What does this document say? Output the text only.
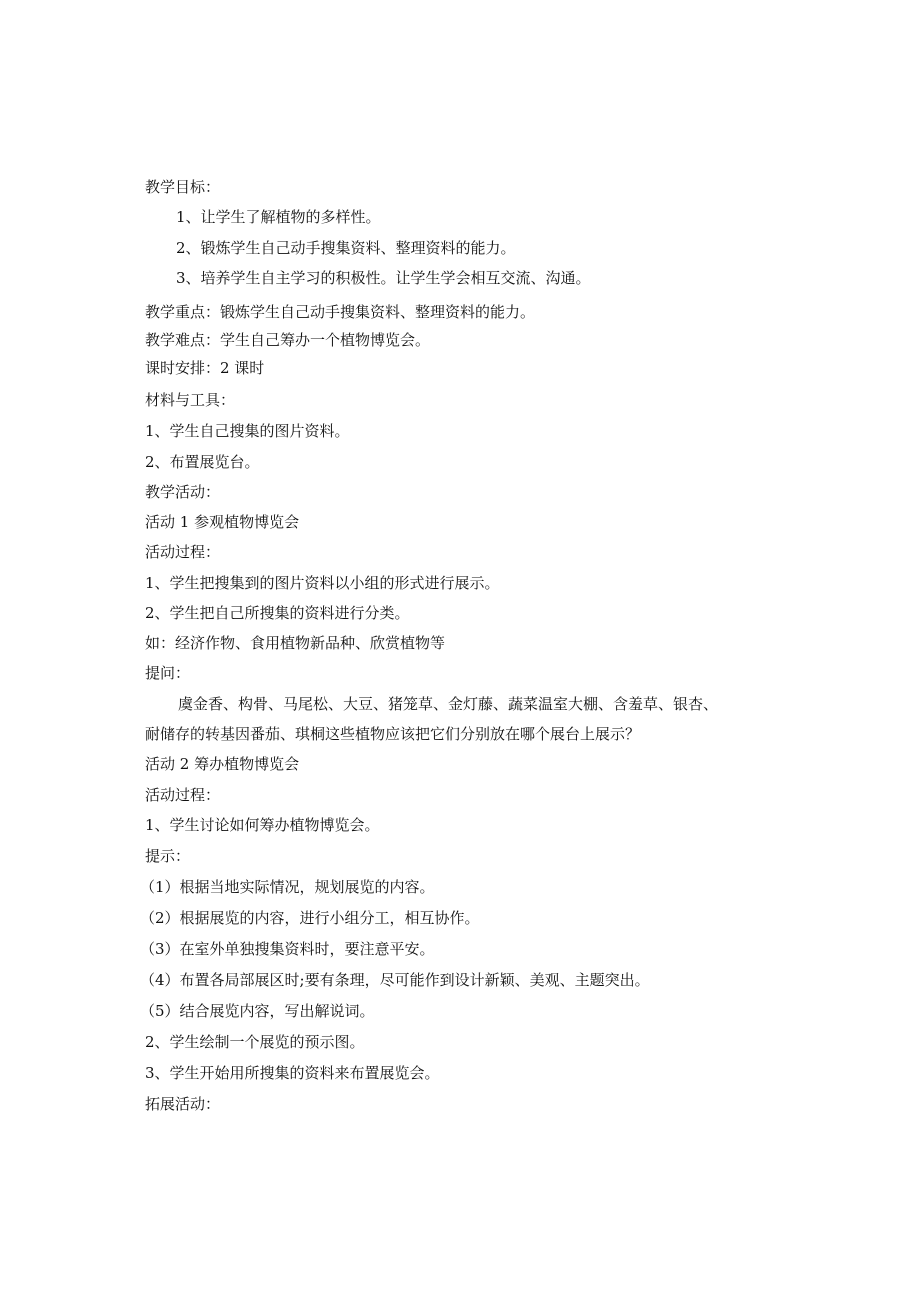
教学目标：
1、让学生了解植物的多样性。
2、锻炼学生自己动手搜集资料、整理资料的能力。
3、培养学生自主学习的积极性。让学生学会相互交流、沟通。
教学重点：锻炼学生自己动手搜集资料、整理资料的能力。
教学难点：学生自己筹办一个植物博览会。
课时安排：2 课时
材料与工具：
1、学生自己搜集的图片资料。
2、布置展览台。
教学活动：
活动 1 参观植物博览会
活动过程：
1、学生把搜集到的图片资料以小组的形式进行展示。
2、学生把自己所搜集的资料进行分类。
如：经济作物、食用植物新品种、欣赏植物等
提问：
虞金香、构骨、马尾松、大豆、猪笼草、金灯藤、蔬菜温室大棚、含羞草、银杏、
耐储存的转基因番茄、琪桐这些植物应该把它们分别放在哪个展台上展示？
活动 2 筹办植物博览会
活动过程：
1、学生讨论如何筹办植物博览会。
提示：
（1）根据当地实际情况，规划展览的内容。
（2）根据展览的内容，进行小组分工，相互协作。
（3）在室外单独搜集资料时，要注意平安。
（4）布置各局部展区时;要有条理，尽可能作到设计新颖、美观、主题突出。
（5）结合展览内容，写出解说词。
2、学生绘制一个展览的预示图。
3、学生开始用所搜集的资料来布置展览会。
拓展活动：
